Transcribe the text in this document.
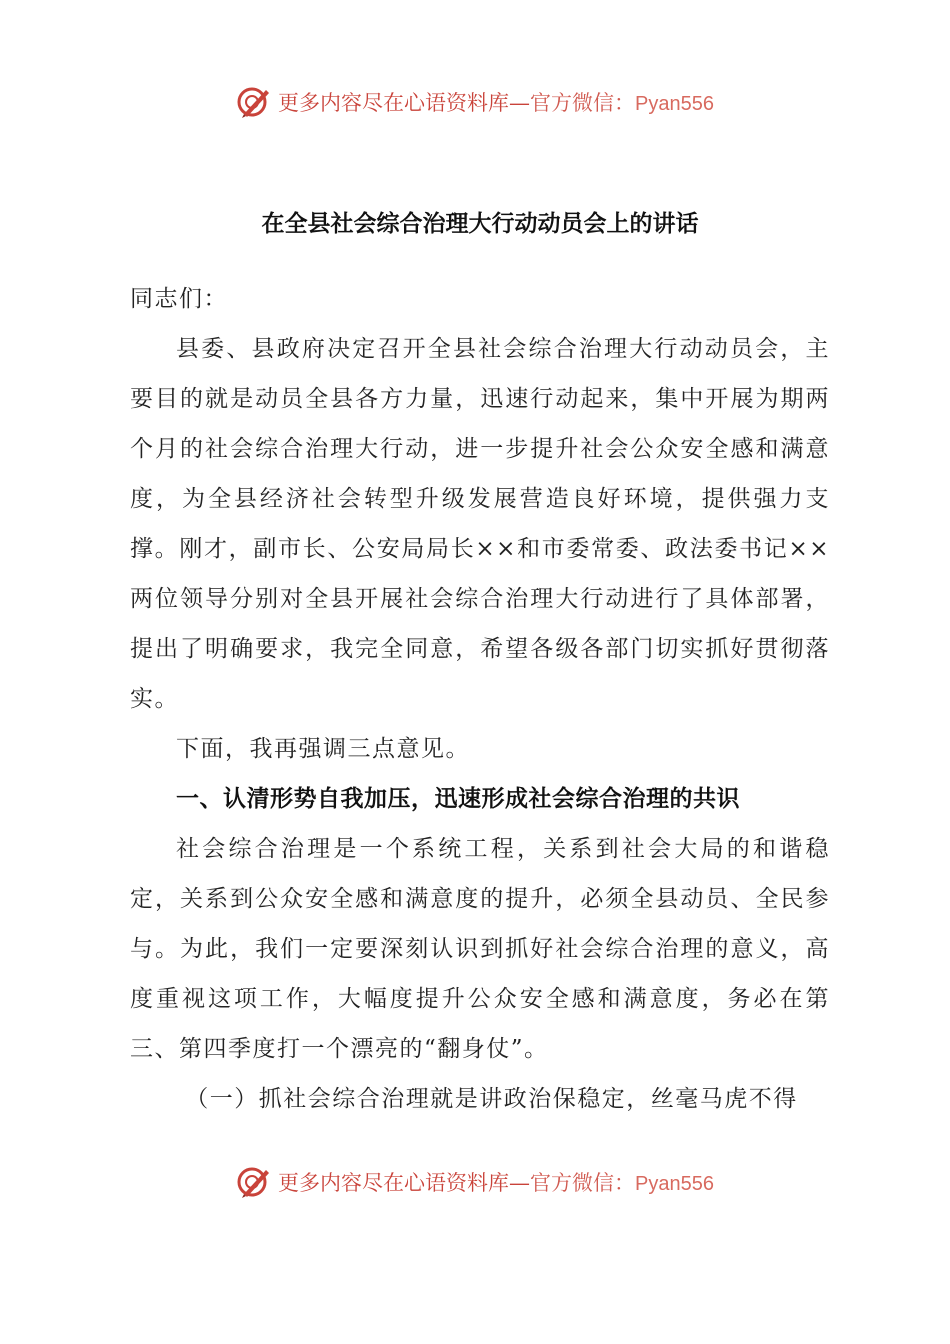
更多内容尽在心语资料库—官方微信：Pyan556
在全县社会综合治理大行动动员会上的讲话

同志们：

县委、县政府决定召开全县社会综合治理大行动动员会，主要目的就是动员全县各方力量，迅速行动起来，集中开展为期两个月的社会综合治理大行动，进一步提升社会公众安全感和满意度，为全县经济社会转型升级发展营造良好环境，提供强力支撑。刚才，副市长、公安局局长××和市委常委、政法委书记××两位领导分别对全县开展社会综合治理大行动进行了具体部署，提出了明确要求，我完全同意，希望各级各部门切实抓好贯彻落实。

下面，我再强调三点意见。

一、认清形势自我加压，迅速形成社会综合治理的共识

社会综合治理是一个系统工程，关系到社会大局的和谐稳定，关系到公众安全感和满意度的提升，必须全县动员、全民参与。为此，我们一定要深刻认识到抓好社会综合治理的意义，高度重视这项工作，大幅度提升公众安全感和满意度，务必在第三、第四季度打一个漂亮的“翻身仗”。

（一）抓社会综合治理就是讲政治保稳定，丝毫马虎不得

更多内容尽在心语资料库—官方微信：Pyan556
